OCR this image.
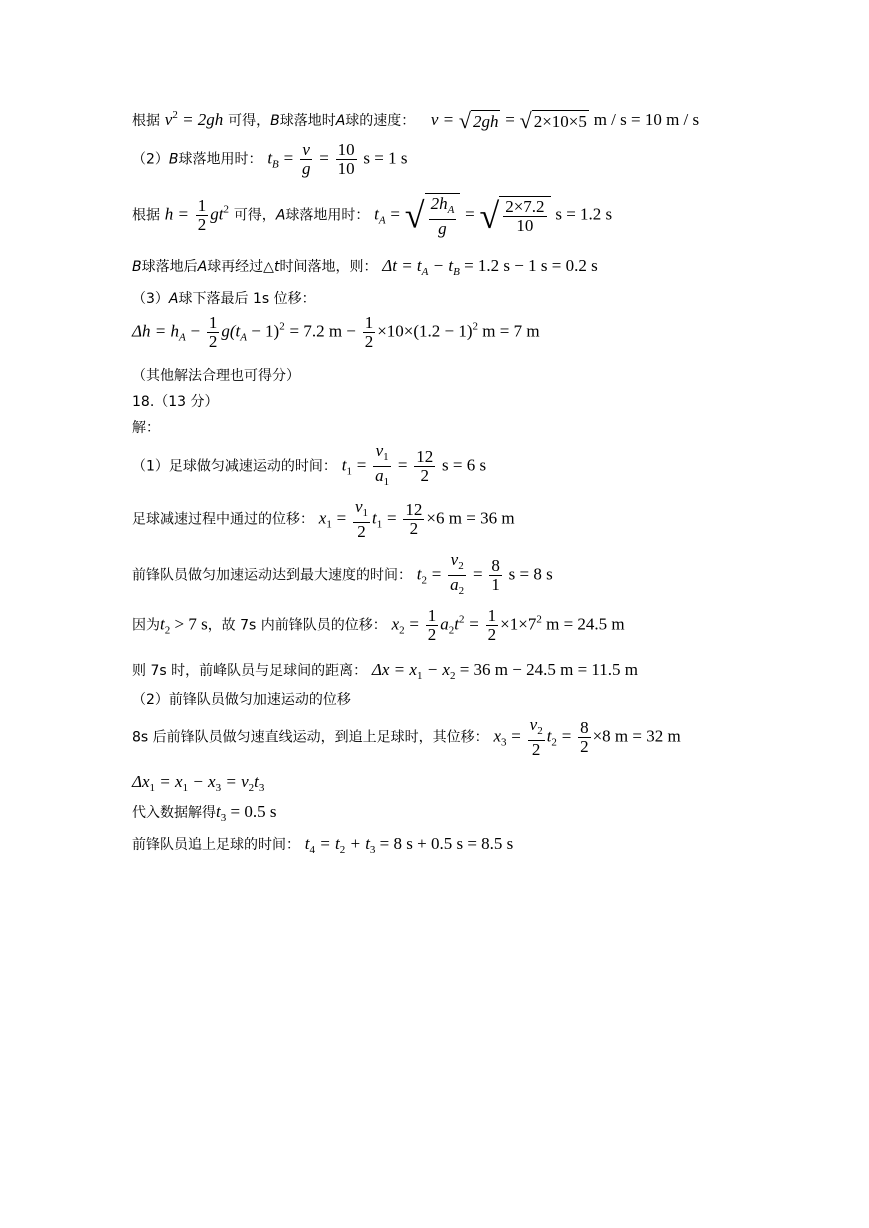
根据 $v^2 = 2gh$ 可得，B球落地时A球的速度： v = √ 2gh = √ 2×10×5 m / s = 10 m / s
（2）B球落地用时： $t_B = \frac{v}{g} = \frac{10}{10}$ s = 1 s
根据 $h = \frac{1}{2} gt^2$ 可得，A球落地用时： $t_A$ = √ $\frac{2h_A}{g}$ = √ $\frac{2\times 7.2}{10}$ s = 1.2 s
B球落地后A球再经过△t时间落地，则： $\Delta t = t_A - t_B = 1.2$ s − 1 s = 0.2 s
（3）A球下落最后 1s 位移：
$\Delta h = h_A - \frac{1}{2} g(t_A - 1)^2 = 7.2$ $m - \frac{1}{2} \times 10\times(1.2 - 1)^2$ m = 7 m
（其他解法合理也可得分）
18.（13 分）
解：
（1）足球做匀减速运动的时间： $t_1 = \frac{v_1}{a_1} = \frac{12}{2}$ s = 6 s
足球减速过程中通过的位移： $x_1 = \frac{v_1}{2} t_1 = \frac{12}{2} \times 6$ m = 36 m
前锋队员做匀加速运动达到最大速度的时间： $t_2 = \frac{v_2}{a_2} = \frac{8}{1}$ s = 8 s
因为$t_2 > 7$ s，故 7s 内前锋队员的位移： $x_2 = \frac{1}{2} a_2t^2 = \frac{1}{2} \times 1\times 7^2$ m = 24.5 m
则 7s 时，前峰队员与足球间的距离： $\Delta x = x_1 - x_2 = 36$ m − 24.5 m = 11.5 m
（2）前锋队员做匀加速运动的位移
8s 后前锋队员做匀速直线运动，到追上足球时，其位移： $x_3 = \frac{v_2}{2} t_2 = \frac{8}{2} \times 8$ m = 32 m
$\Delta x_1 = x_1 - x_3 = v_2t_3$
代入数据解得$t_3 = 0.5$ s
前锋队员追上足球的时间： $t_4 = t_2 + t_3 = 8$ s + 0.5 s = 8.5 s
